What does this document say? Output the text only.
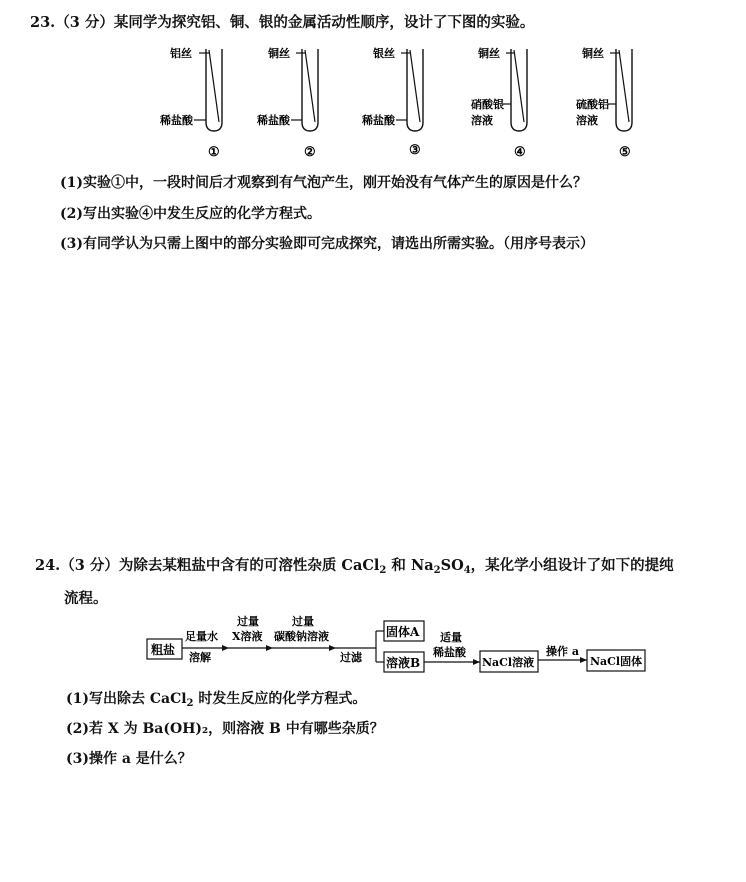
23.（3 分）某同学为探究铝、铜、银的金属活动性顺序，设计了下图的实验。
铝丝
稀盐酸
①
铜丝
稀盐酸
②
银丝
稀盐酸
③
铜丝
硝酸银
溶液
④
铜丝
硫酸铝
溶液
⑤
(1)实验①中，一段时间后才观察到有气泡产生，刚开始没有气体产生的原因是什么？
(2)写出实验④中发生反应的化学方程式。
(3)有同学认为只需上图中的部分实验即可完成探究，请选出所需实验。（用序号表示）
24.（3 分）为除去某粗盐中含有的可溶性杂质 CaCl$_2$ 和 $Na_2SO_4$，某化学小组设计了如下的提纯
流程。
粗盐
足量水
溶解
过量
X溶液
过量
碳酸钠溶液
过滤
固体A
溶液B
适量
稀盐酸
NaCl溶液
操作 a
NaCl固体
(1)写出除去 CaCl$_2$ 时发生反应的化学方程式。
(2)若 X 为 Ba(OH)₂，则溶液 B 中有哪些杂质？
(3)操作 a 是什么？
